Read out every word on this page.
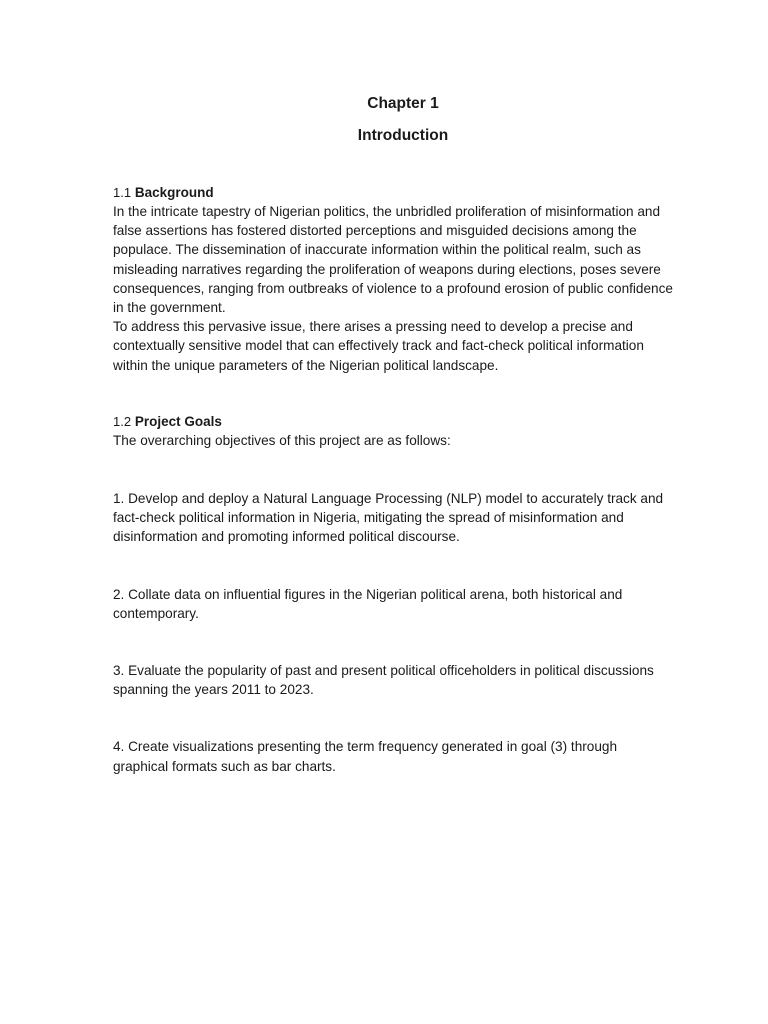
Chapter 1
Introduction
1.1 Background

In the intricate tapestry of Nigerian politics, the unbridled proliferation of misinformation and false assertions has fostered distorted perceptions and misguided decisions among the populace. The dissemination of inaccurate information within the political realm, such as misleading narratives regarding the proliferation of weapons during elections, poses severe consequences, ranging from outbreaks of violence to a profound erosion of public confidence in the government.

To address this pervasive issue, there arises a pressing need to develop a precise and contextually sensitive model that can effectively track and fact-check political information within the unique parameters of the Nigerian political landscape.

1.2 Project Goals

The overarching objectives of this project are as follows:

1. Develop and deploy a Natural Language Processing (NLP) model to accurately track and fact-check political information in Nigeria, mitigating the spread of misinformation and disinformation and promoting informed political discourse.

2. Collate data on influential figures in the Nigerian political arena, both historical and contemporary.

3. Evaluate the popularity of past and present political officeholders in political discussions spanning the years 2011 to 2023.

4. Create visualizations presenting the term frequency generated in goal (3) through graphical formats such as bar charts.
